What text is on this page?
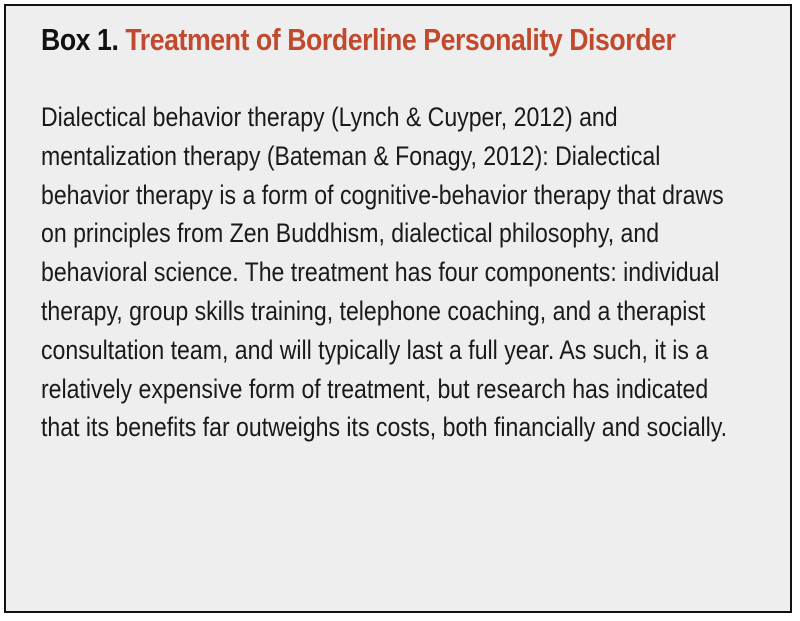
Box 1. Treatment of Borderline Personality Disorder

Dialectical behavior therapy (Lynch & Cuyper, 2012) and mentalization therapy (Bateman & Fonagy, 2012): Dialectical behavior therapy is a form of cognitive-behavior therapy that draws on principles from Zen Buddhism, dialectical philosophy, and behavioral science. The treatment has four components: individual therapy, group skills training, telephone coaching, and a therapist consultation team, and will typically last a full year. As such, it is a relatively expensive form of treatment, but research has indicated that its benefits far outweighs its costs, both financially and socially.
